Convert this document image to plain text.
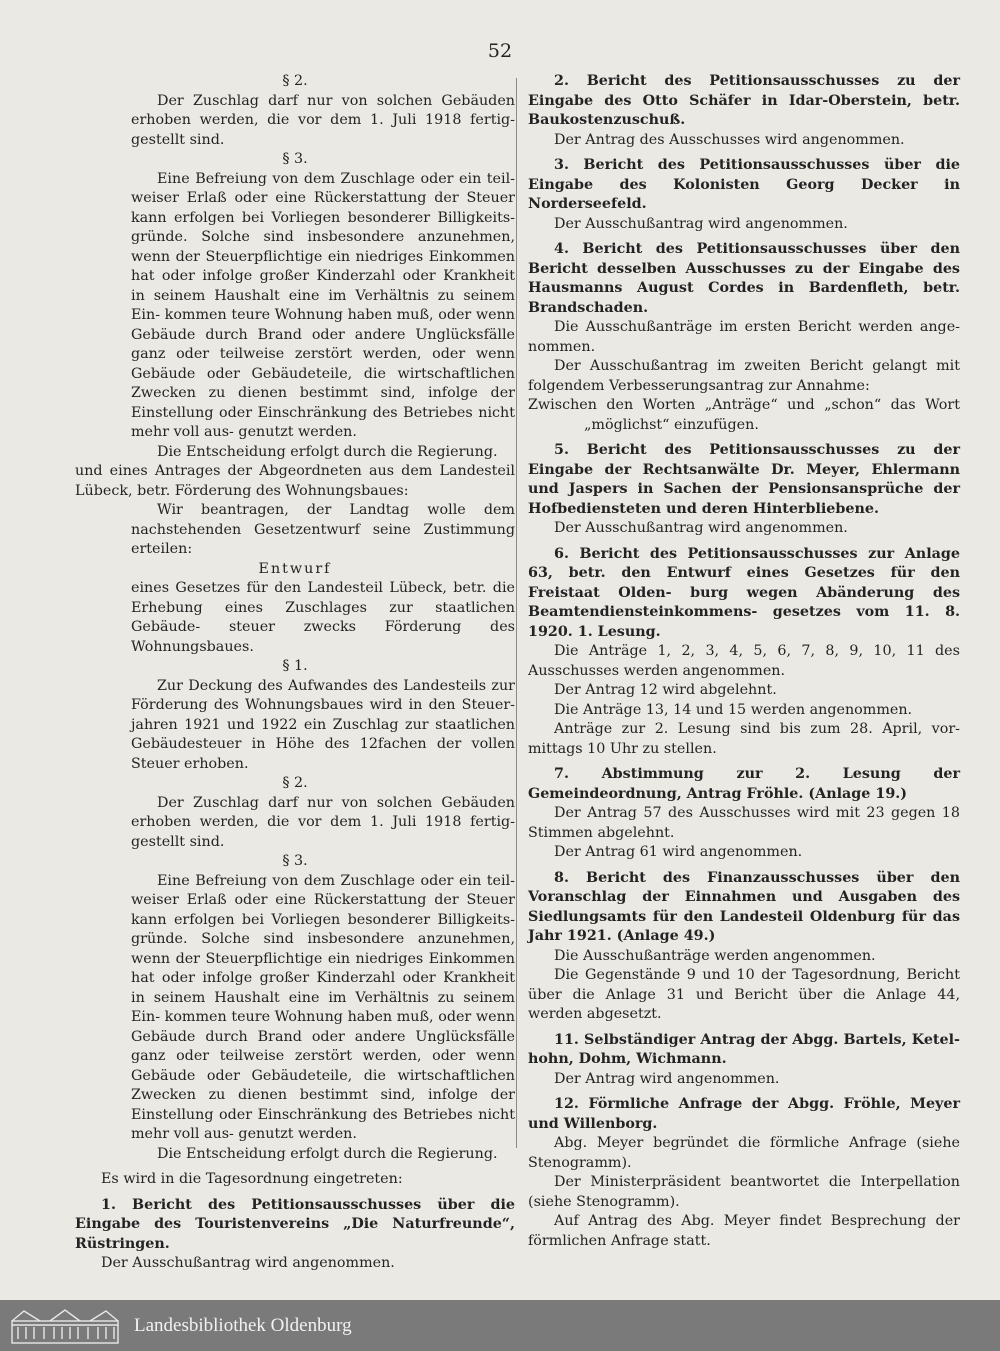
52

§ 2.

Der Zuschlag darf nur von solchen Gebäuden erhoben werden, die vor dem 1. Juli 1918 fertig- gestellt sind.

§ 3.

Eine Befreiung von dem Zuschlage oder ein teil- weiser Erlaß oder eine Rückerstattung der Steuer kann erfolgen bei Vorliegen besonderer Billigkeits- gründe. Solche sind insbesondere anzunehmen, wenn der Steuerpflichtige ein niedriges Einkommen hat oder infolge großer Kinderzahl oder Krankheit in seinem Haushalt eine im Verhältnis zu seinem Ein- kommen teure Wohnung haben muß, oder wenn Gebäude durch Brand oder andere Unglücksfälle ganz oder teilweise zerstört werden, oder wenn Gebäude oder Gebäudeteile, die wirtschaftlichen Zwecken zu dienen bestimmt sind, infolge der Einstellung oder Einschränkung des Betriebes nicht mehr voll aus- genutzt werden.

Die Entscheidung erfolgt durch die Regierung.

und eines Antrages der Abgeordneten aus dem Landesteil Lübeck, betr. Förderung des Wohnungsbaues:

Wir beantragen, der Landtag wolle dem nachstehenden Gesetzentwurf seine Zustimmung erteilen:

Entwurf

eines Gesetzes für den Landesteil Lübeck, betr. die Erhebung eines Zuschlages zur staatlichen Gebäude- steuer zwecks Förderung des Wohnungsbaues.

§ 1.

Zur Deckung des Aufwandes des Landesteils zur Förderung des Wohnungsbaues wird in den Steuer- jahren 1921 und 1922 ein Zuschlag zur staatlichen Gebäudesteuer in Höhe des 12fachen der vollen Steuer erhoben.

§ 2.

Der Zuschlag darf nur von solchen Gebäuden erhoben werden, die vor dem 1. Juli 1918 fertig- gestellt sind.

§ 3.

Eine Befreiung von dem Zuschlage oder ein teil- weiser Erlaß oder eine Rückerstattung der Steuer kann erfolgen bei Vorliegen besonderer Billigkeits- gründe. Solche sind insbesondere anzunehmen, wenn der Steuerpflichtige ein niedriges Einkommen hat oder infolge großer Kinderzahl oder Krankheit in seinem Haushalt eine im Verhältnis zu seinem Ein- kommen teure Wohnung haben muß, oder wenn Gebäude durch Brand oder andere Unglücksfälle ganz oder teilweise zerstört werden, oder wenn Gebäude oder Gebäudeteile, die wirtschaftlichen Zwecken zu dienen bestimmt sind, infolge der Einstellung oder Einschränkung des Betriebes nicht mehr voll aus- genutzt werden.

Die Entscheidung erfolgt durch die Regierung.

Es wird in die Tagesordnung eingetreten:

1. Bericht des Petitionsausschusses über die Eingabe des Touristenvereins „Die Naturfreunde“, Rüstringen.

Der Ausschußantrag wird angenommen.

2. Bericht des Petitionsausschusses zu der Eingabe des Otto Schäfer in Idar-Oberstein, betr. Baukostenzuschuß.

Der Antrag des Ausschusses wird angenommen.

3. Bericht des Petitionsausschusses über die Eingabe des Kolonisten Georg Decker in Norderseefeld.

Der Ausschußantrag wird angenommen.

4. Bericht des Petitionsausschusses über den Bericht desselben Ausschusses zu der Eingabe des Hausmanns August Cordes in Bardenfleth, betr. Brandschaden.

Die Ausschußanträge im ersten Bericht werden ange- nommen.

Der Ausschußantrag im zweiten Bericht gelangt mit folgendem Verbesserungsantrag zur Annahme:

Zwischen den Worten „Anträge“ und „schon“ das Wort „möglichst“ einzufügen.

5. Bericht des Petitionsausschusses zu der Eingabe der Rechtsanwälte Dr. Meyer, Ehlermann und Jaspers in Sachen der Pensionsansprüche der Hofbediensteten und deren Hinterbliebene.

Der Ausschußantrag wird angenommen.

6. Bericht des Petitionsausschusses zur Anlage 63, betr. den Entwurf eines Gesetzes für den Freistaat Olden- burg wegen Abänderung des Beamtendiensteinkommens- gesetzes vom 11. 8. 1920. 1. Lesung.

Die Anträge 1, 2, 3, 4, 5, 6, 7, 8, 9, 10, 11 des Ausschusses werden angenommen.

Der Antrag 12 wird abgelehnt.

Die Anträge 13, 14 und 15 werden angenommen.

Anträge zur 2. Lesung sind bis zum 28. April, vor- mittags 10 Uhr zu stellen.

7. Abstimmung zur 2. Lesung der Gemeindeordnung, Antrag Fröhle. (Anlage 19.)

Der Antrag 57 des Ausschusses wird mit 23 gegen 18 Stimmen abgelehnt.

Der Antrag 61 wird angenommen.

8. Bericht des Finanzausschusses über den Voranschlag der Einnahmen und Ausgaben des Siedlungsamts für den Landesteil Oldenburg für das Jahr 1921. (Anlage 49.)

Die Ausschußanträge werden angenommen.

Die Gegenstände 9 und 10 der Tagesordnung, Bericht über die Anlage 31 und Bericht über die Anlage 44, werden abgesetzt.

11. Selbständiger Antrag der Abgg. Bartels, Ketel- hohn, Dohm, Wichmann.

Der Antrag wird angenommen.

12. Förmliche Anfrage der Abgg. Fröhle, Meyer und Willenborg.

Abg. Meyer begründet die förmliche Anfrage (siehe Stenogramm).

Der Ministerpräsident beantwortet die Interpellation (siehe Stenogramm).

Auf Antrag des Abg. Meyer findet Besprechung der förmlichen Anfrage statt.

Landesbibliothek Oldenburg
